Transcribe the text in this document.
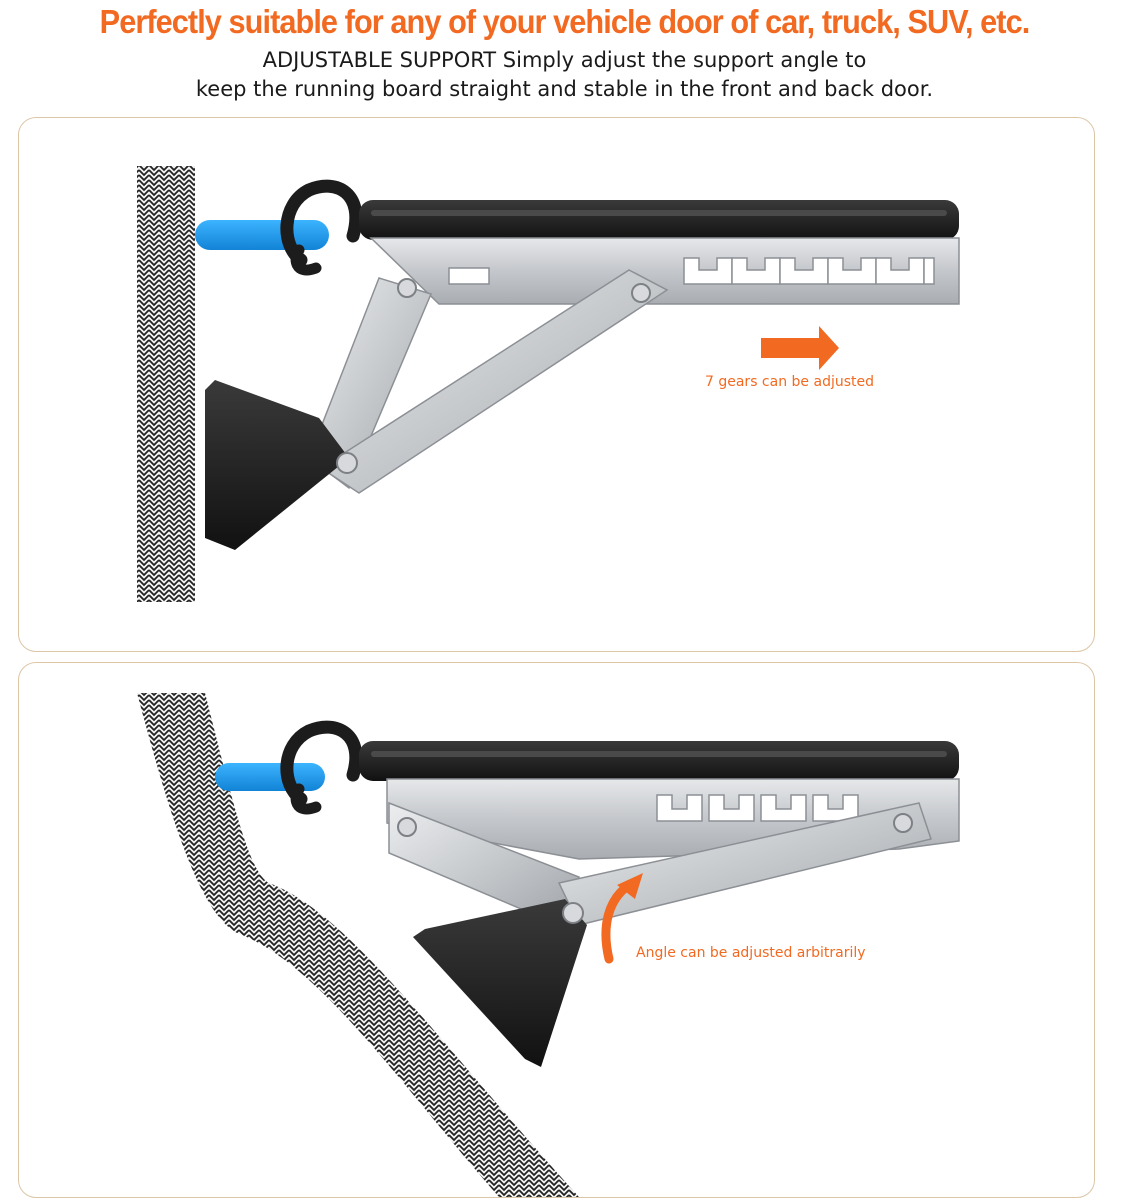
Perfectly suitable for any of your vehicle door of car, truck, SUV, etc.
ADJUSTABLE SUPPORT Simply adjust the support angle to
keep the running board straight and stable in the front and back door.
7 gears can be adjusted
Angle can be adjusted arbitrarily
